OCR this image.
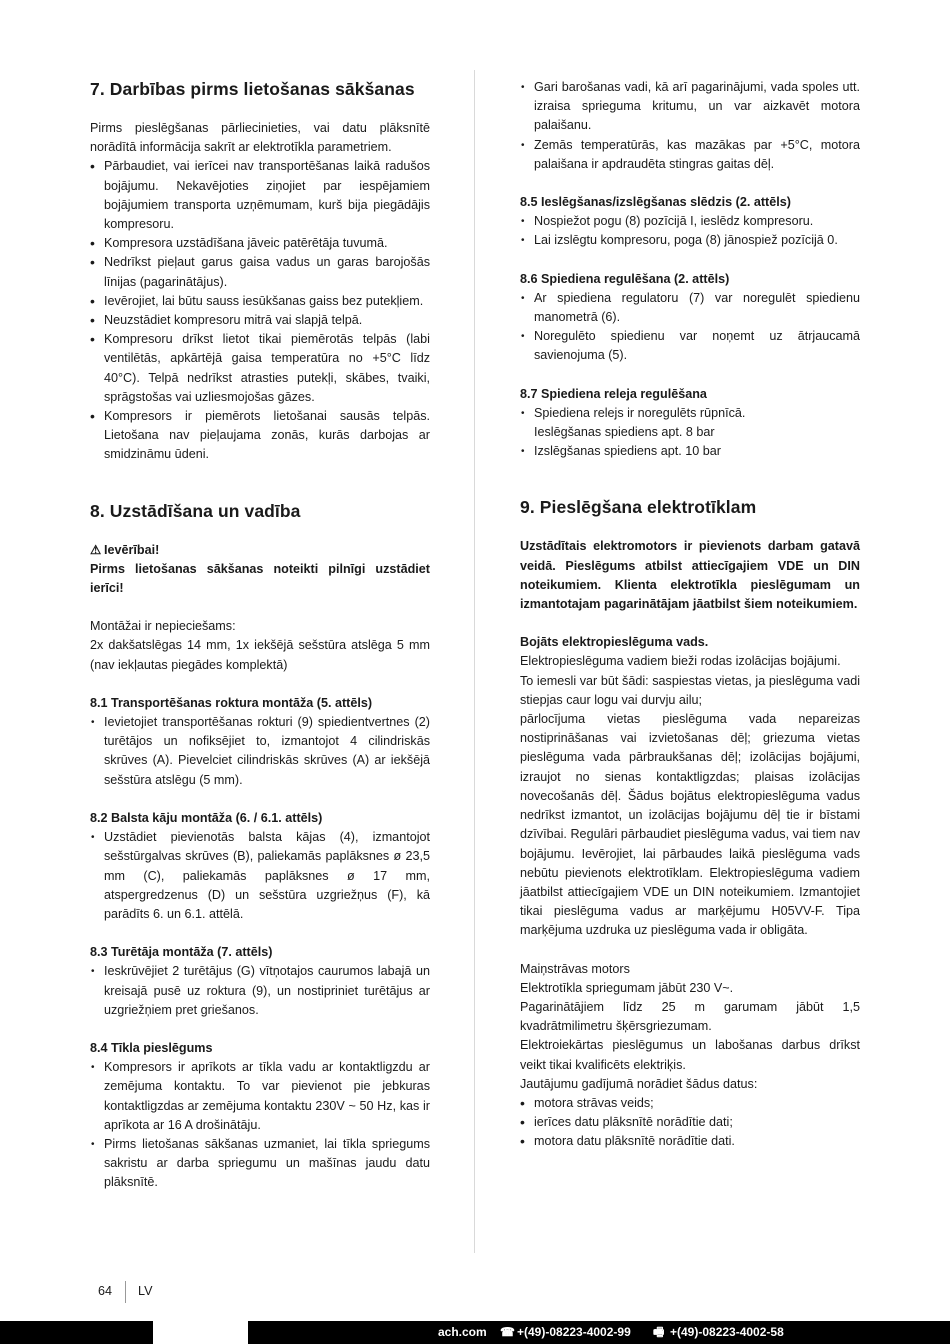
7. Darbības pirms lietošanas sākšanas

Pirms pieslēgšanas pārliecinieties, vai datu plāksnītē norādītā informācija sakrīt ar elektrotīkla parametriem.

• Pārbaudiet, vai ierīcei nav transportēšanas laikā radušos bojājumu. Nekavējoties ziņojiet par iespējamiem bojājumiem transporta uzņēmumam, kurš bija piegādājis kompresoru.
• Kompresora uzstādīšana jāveic patērētāja tuvumā.
• Nedrīkst pieļaut garus gaisa vadus un garas barojošās līnijas (pagarinātājus).
• Ievērojiet, lai būtu sauss iesūkšanas gaiss bez putekļiem.
• Neuzstādiet kompresoru mitrā vai slapjā telpā.
• Kompresoru drīkst lietot tikai piemērotās telpās (labi ventilētās, apkārtējā gaisa temperatūra no +5°C līdz 40°C). Telpā nedrīkst atrasties putekļi, skābes, tvaiki, sprāgstošas vai uzliesmojošas gāzes.
• Kompresors ir piemērots lietošanai sausās telpās. Lietošana nav pieļaujama zonās, kurās darbojas ar smidzināmu ūdeni.
8. Uzstādīšana un vadība

⚠ Ievērībai!

Pirms lietošanas sākšanas noteikti pilnīgi uzstādiet ierīci!

Montāžai ir nepieciešams:

2x dakšatslēgas 14 mm, 1x iekšējā sešstūra atslēga 5 mm (nav iekļautas piegādes komplektā)

8.1 Transportēšanas roktura montāža (5. attēls)
• Ievietojiet transportēšanas rokturi (9) spiedientvertnes (2) turētājos un nofiksējiet to, izmantojot 4 cilindriskās skrūves (A). Pievelciet cilindriskās skrūves (A) ar iekšējā sešstūra atslēgu (5 mm).
8.2 Balsta kāju montāža (6. / 6.1. attēls)
• Uzstādiet pievienotās balsta kājas (4), izmantojot sešstūrgalvas skrūves (B), paliekamās paplāksnes ø 23,5 mm (C), paliekamās paplāksnes ø 17 mm, atspergredzenus (D) un sešstūra uzgriežņus (F), kā parādīts 6. un 6.1. attēlā.
8.3 Turētāja montāža (7. attēls)
• Ieskrūvējiet 2 turētājus (G) vītņotajos caurumos labajā un kreisajā pusē uz roktura (9), un nostipriniet turētājus ar uzgriežņiem pret griešanos.
8.4 Tīkla pieslēgums
• Kompresors ir aprīkots ar tīkla vadu ar kontaktligzdu ar zemējuma kontaktu. To var pievienot pie jebkuras kontaktligzdas ar zemējuma kontaktu 230V ~ 50 Hz, kas ir aprīkota ar 16 A drošinātāju.
• Pirms lietošanas sākšanas uzmaniet, lai tīkla spriegums sakristu ar darba spriegumu un mašīnas jaudu datu plāksnītē.
• Gari barošanas vadi, kā arī pagarinājumi, vada spoles utt. izraisa sprieguma kritumu, un var aizkavēt motora palaišanu.
• Zemās temperatūrās, kas mazākas par +5°C, motora palaišana ir apdraudēta stingras gaitas dēļ.
8.5 Ieslēgšanas/izslēgšanas slēdzis (2. attēls)
• Nospiežot pogu (8) pozīcijā I, ieslēdz kompresoru.
• Lai izslēgtu kompresoru, poga (8) jānospiež pozīcijā 0.
8.6 Spiediena regulēšana (2. attēls)
• Ar spiediena regulatoru (7) var noregulēt spiedienu manometrā (6).
• Noregulēto spiedienu var noņemt uz ātrjaucamā savienojuma (5).
8.7 Spiediena releja regulēšana
• Spiediena relejs ir noregulēts rūpnīcā.
Ieslēgšanas spiediens apt. 8 bar
• Izslēgšanas spiediens apt. 10 bar
9. Pieslēgšana elektrotīklam

Uzstādītais elektromotors ir pievienots darbam gatavā veidā. Pieslēgums atbilst attiecīgajiem VDE un DIN noteikumiem. Klienta elektrotīkla pieslēgumam un izmantotajam pagarinātājam jāatbilst šiem noteikumiem.

Bojāts elektropieslēguma vads.

Elektropieslēguma vadiem bieži rodas izolācijas bojājumi.

To iemesli var būt šādi: saspiestas vietas, ja pieslēguma vadi stiepjas caur logu vai durvju ailu;

pārlocījuma vietas pieslēguma vada nepareizas nostiprināšanas vai izvietošanas dēļ; griezuma vietas pieslēguma vada pārbraukšanas dēļ; izolācijas bojājumi, izraujot no sienas kontaktligzdas; plaisas izolācijas novecošanās dēļ. Šādus bojātus elektropieslēguma vadus nedrīkst izmantot, un izolācijas bojājumu dēļ tie ir bīstami dzīvībai. Regulāri pārbaudiet pieslēguma vadus, vai tiem nav bojājumu. Ievērojiet, lai pārbaudes laikā pieslēguma vads nebūtu pievienots elektrotīklam. Elektropieslēguma vadiem jāatbilst attiecīgajiem VDE un DIN noteikumiem. Izmantojiet tikai pieslēguma vadus ar marķējumu H05VV-F. Tipa marķējuma uzdruka uz pieslēguma vada ir obligāta.

Maiņstrāvas motors

Elektrotīkla spriegumam jābūt 230 V~.

Pagarinātājiem līdz 25 m garumam jābūt 1,5 kvadrātmilimetru šķērsgriezumam.

Elektroiekārtas pieslēgumus un labošanas darbus drīkst veikt tikai kvalificēts elektriķis.

Jautājumu gadījumā norādiet šādus datus:

• motora strāvas veids;
• ierīces datu plāksnītē norādītie dati;
• motora datu plāksnītē norādītie dati.
64 LV
ach.com ☎ +(49)-08223-4002-99 🖷 +(49)-08223-4002-58
